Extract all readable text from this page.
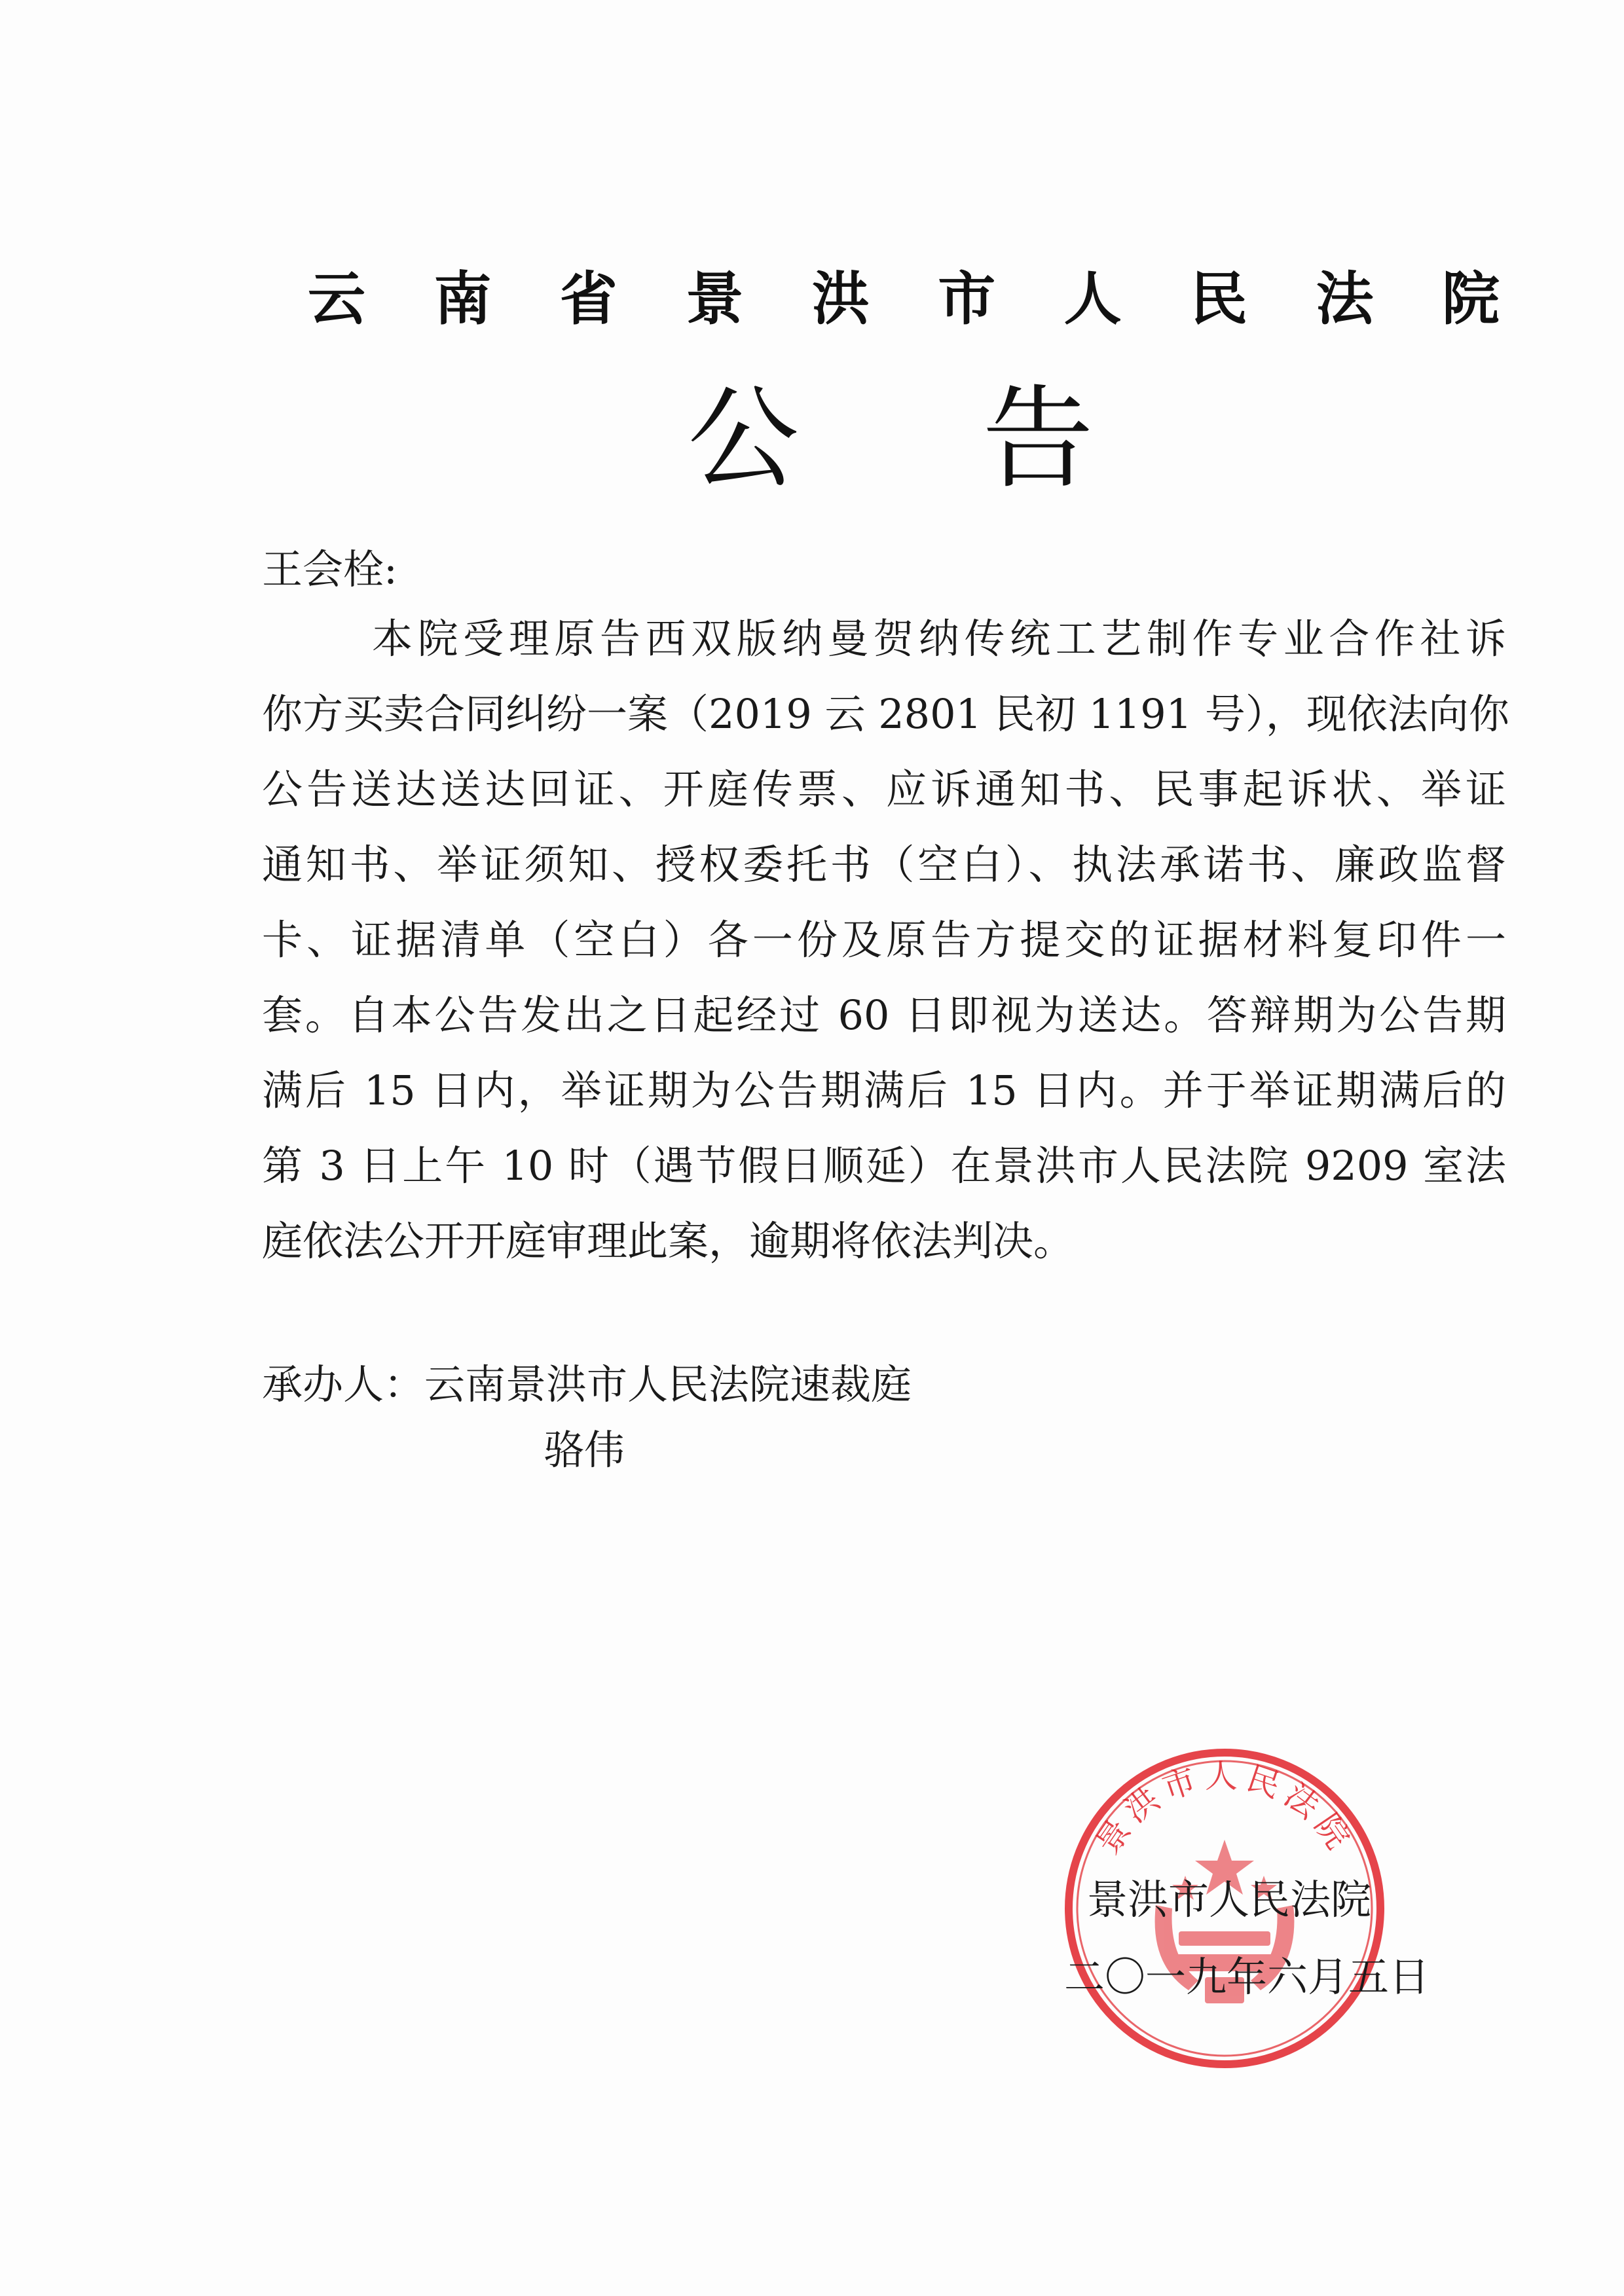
云 南 省 景 洪 市 人 民 法 院
公 告
王会栓:
本院受理原告西双版纳曼贺纳传统工艺制作专业合作社诉
你方买卖合同纠纷一案（2019 云 2801 民初 1191 号），现依法向你
公告送达送达回证、开庭传票、应诉通知书、民事起诉状、举证
通知书、举证须知、授权委托书（空白）、执法承诺书、廉政监督
卡、证据清单（空白）各一份及原告方提交的证据材料复印件一
套。自本公告发出之日起经过 60 日即视为送达。答辩期为公告期
满后 15 日内，举证期为公告期满后 15 日内。并于举证期满后的
第 3 日上午 10 时（遇节假日顺延）在景洪市人民法院 9209 室法
庭依法公开开庭审理此案，逾期将依法判决。
承办人：云南景洪市人民法院速裁庭
骆伟
景洪市人民法院
景洪市人民法院
二〇一九年六月五日
